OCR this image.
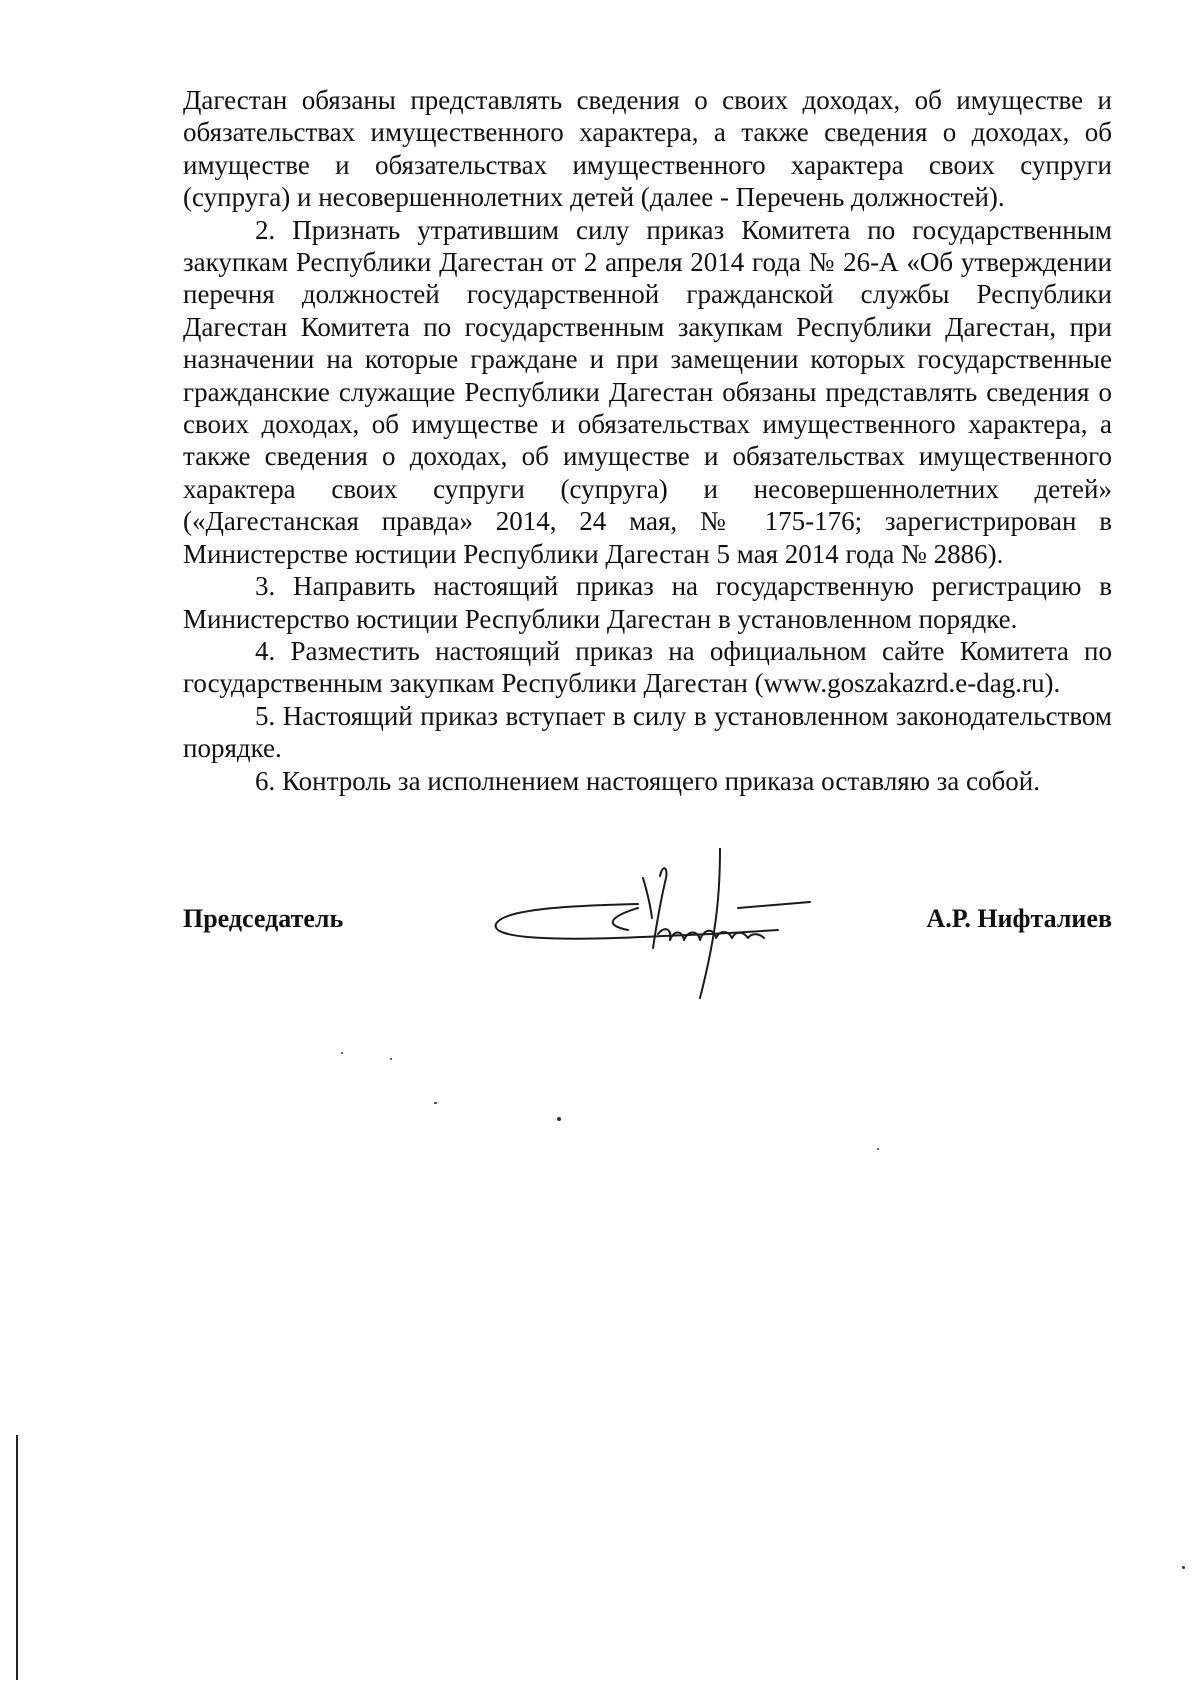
Дагестан обязаны представлять сведения о своих доходах, об имуществе и обязательствах имущественного характера, а также сведения о доходах, об имуществе и обязательствах имущественного характера своих супруги (супруга) и несовершеннолетних детей (далее - Перечень должностей).

2. Признать утратившим силу приказ Комитета по государственным закупкам Республики Дагестан от 2 апреля 2014 года № 26-А «Об утверждении перечня должностей государственной гражданской службы Республики Дагестан Комитета по государственным закупкам Республики Дагестан, при назначении на которые граждане и при замещении которых государственные гражданские служащие Республики Дагестан обязаны представлять сведения о своих доходах, об имуществе и обязательствах имущественного характера, а также сведения о доходах, об имуществе и обязательствах имущественного характера своих супруги (супруга) и несовершеннолетних детей» («Дагестанская правда» 2014, 24 мая, № 175-176; зарегистрирован в Министерстве юстиции Республики Дагестан 5 мая 2014 года № 2886).

3. Направить настоящий приказ на государственную регистрацию в Министерство юстиции Республики Дагестан в установленном порядке.

4. Разместить настоящий приказ на официальном сайте Комитета по государственным закупкам Республики Дагестан (www.goszakazrd.e-dag.ru).

5. Настоящий приказ вступает в силу в установленном законодательством порядке.

6. Контроль за исполнением настоящего приказа оставляю за собой.

Председатель	А.Р. Нифталиев
